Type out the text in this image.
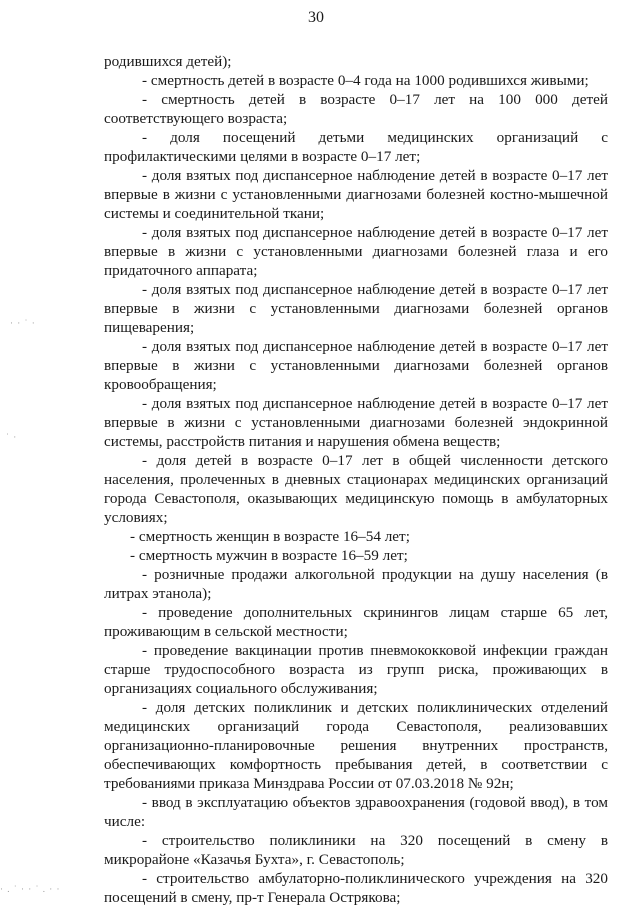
30

родившихся детей);

- смертность детей в возрасте 0–4 года на 1000 родившихся живыми;

- смертность детей в возрасте 0–17 лет на 100 000 детей соответствующего возраста;

- доля посещений детьми медицинских организаций с профилактическими целями в возрасте 0–17 лет;

- доля взятых под диспансерное наблюдение детей в возрасте 0–17 лет впервые в жизни с установленными диагнозами болезней костно-мышечной системы и соединительной ткани;

- доля взятых под диспансерное наблюдение детей в возрасте 0–17 лет впервые в жизни с установленными диагнозами болезней глаза и его придаточного аппарата;

- доля взятых под диспансерное наблюдение детей в возрасте 0–17 лет впервые в жизни с установленными диагнозами болезней органов пищеварения;

- доля взятых под диспансерное наблюдение детей в возрасте 0–17 лет впервые в жизни с установленными диагнозами болезней органов кровообращения;

- доля взятых под диспансерное наблюдение детей в возрасте 0–17 лет впервые в жизни с установленными диагнозами болезней эндокринной системы, расстройств питания и нарушения обмена веществ;

- доля детей в возрасте 0–17 лет в общей численности детского населения, пролеченных в дневных стационарах медицинских организаций города Севастополя, оказывающих медицинскую помощь в амбулаторных условиях;

- смертность женщин в возрасте 16–54 лет;

- смертность мужчин в возрасте 16–59 лет;

- розничные продажи алкогольной продукции на душу населения (в литрах этанола);

- проведение дополнительных скринингов лицам старше 65 лет, проживающим в сельской местности;

- проведение вакцинации против пневмококковой инфекции граждан старше трудоспособного возраста из групп риска, проживающих в организациях социального обслуживания;

- доля детских поликлиник и детских поликлинических отделений медицинских организаций города Севастополя, реализовавших организационно-планировочные решения внутренних пространств, обеспечивающих комфортность пребывания детей, в соответствии с требованиями приказа Минздрава России от 07.03.2018 № 92н;

- ввод в эксплуатацию объектов здравоохранения (годовой ввод), в том числе:

- строительство поликлиники на 320 посещений в смену в микрорайоне «Казачья Бухта», г. Севастополь;

- строительство амбулаторно-поликлинического учреждения на 320 посещений в смену, пр-т Генерала Острякова;

· · ˙ ·
˙ ·
· . ˙ · · ˙ . · ·
